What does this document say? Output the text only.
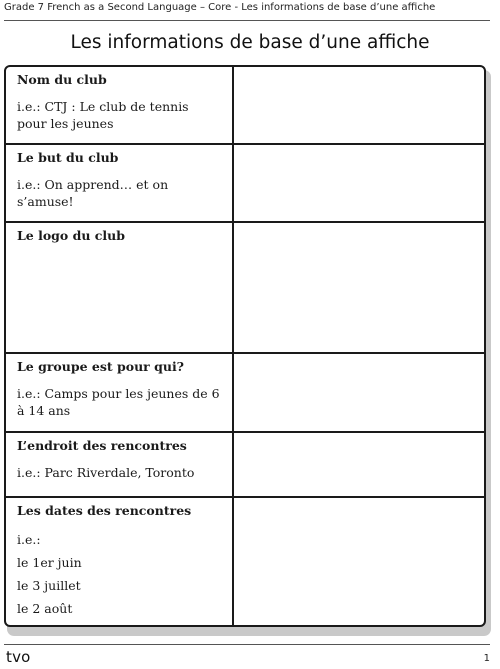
Grade 7 French as a Second Language – Core - Les informations de base d’une affiche
Les informations de base d’une affiche
Nom du club
i.e.: CTJ : Le club de tennis pour les jeunes
Le but du club
i.e.: On apprend… et on s’amuse!
Le logo du club
Le groupe est pour qui?
i.e.: Camps pour les jeunes de 6 à 14 ans
L’endroit des rencontres
i.e.: Parc Riverdale, Toronto
Les dates des rencontres
i.e.:
le 1er juin
le 3 juillet
le 2 août
tvo	1
